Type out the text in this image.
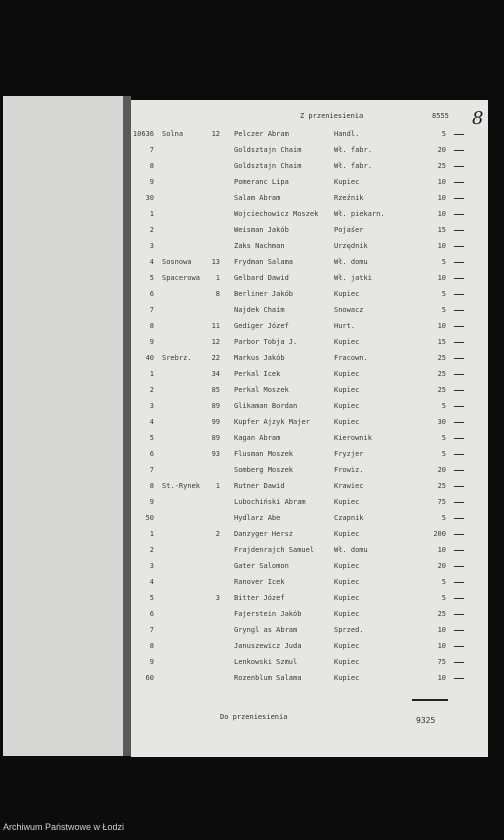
Z przeniesienia	8555 8
10636 Solna	12 Pelczer Abram	Handl.	5
7	Goldsztajn Chaim	Wł. fabr.	20
8	Goldsztajn Chaim	Wł. fabr.	25
9	Pomeranc Lipa	Kupiec	10
30	Salam Abram	Rzeźnik	10
1	Wojciechowicz Moszek Wł. piekarn.	10
2	Weisman Jakób	Pojaśer	15
3	Zaks Nachman	Urzędnik	10
4 Sosnowa	13 Frydman Salama	Wł. domu	5
5 Spacerowa	1 Gelbard Dawid	Wł. jatki	10
6	8 Berliner Jakób	Kupiec	5
7	Najdek Chaim	Snowacz	5
8	11 Gediger Józef	Hurt.	10
9	12 Parbor Tobja J.	Kupiec	15
40 Srebrz.	22 Markus Jakób	Fracown.	25
1	34 Perkal Icek	Kupiec	25
2	85 Perkal Moszek	Kupiec	25
3	89 Glikaman Bordan	Kupiec	5
4	99 Kupfer Ajzyk Majer	Kupiec	30
5	89 Kagan Abram	Kierownik	5
6	93 Flusman Moszek	Fryzjer	5
7	Somberg Moszek	Frowiz.	20
8 St.-Rynek	1 Rutner Dawid	Krawiec	25
9	Lubochiński Abram	Kupiec	75
50	Hydlarz Abe	Czapnik	5
1	2 Danzyger Hersz	Kupiec	200
2	Frajdenrajch Samuel	Wł. domu	10
3	Gater Salomon	Kupiec	20
4	Ranover Icek	Kupiec	5
5	3 Bitter Józef	Kupiec	5
6	Fajerstein Jakób	Kupiec	25
7	Gryngl as Abram	Sprzed.	10
8	Januszewicz Juda	Kupiec	10
9	Lenkowski Szmul	Kupiec	75
60	Rozenblum Salama	Kupiec	10
Do przeniesienia	9325
Archiwum Państwowe w Łodzi
